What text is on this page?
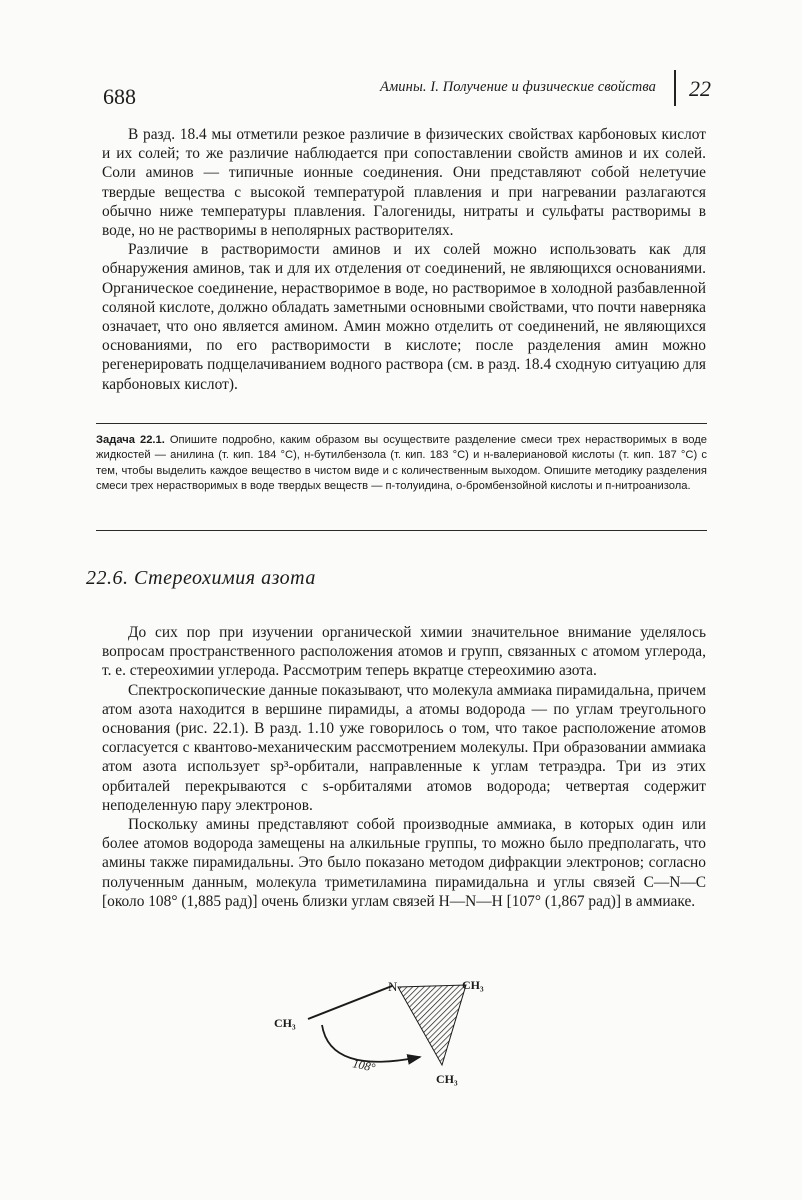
688	Амины. I. Получение и физические свойства 22

В разд. 18.4 мы отметили резкое различие в физических свойствах карбоновых кислот и их солей; то же различие наблюдается при сопоставлении свойств аминов и их солей. Соли аминов — типичные ионные соединения. Они представляют собой нелетучие твердые вещества с высокой температурой плавления и при нагревании разлагаются обычно ниже температуры плавления. Галогениды, нитраты и сульфаты растворимы в воде, но не растворимы в неполярных растворителях.

Различие в растворимости аминов и их солей можно использовать как для обнаружения аминов, так и для их отделения от соединений, не являющихся основаниями. Органическое соединение, нерастворимое в воде, но растворимое в холодной разбавленной соляной кислоте, должно обладать заметными основными свойствами, что почти наверняка означает, что оно является амином. Амин можно отделить от соединений, не являющихся основаниями, по его растворимости в кислоте; после разделения амин можно регенерировать подщелачиванием водного раствора (см. в разд. 18.4 сходную ситуацию для карбоновых кислот).

Задача 22.1. Опишите подробно, каким образом вы осуществите разделение смеси трех нерастворимых в воде жидкостей — анилина (т. кип. 184 °С), н-бутилбензола (т. кип. 183 °С) и н-валериановой кислоты (т. кип. 187 °С) с тем, чтобы выделить каждое вещество в чистом виде и с количественным выходом. Опишите методику разделения смеси трех нерастворимых в воде твердых веществ — п-толуидина, о-бромбензойной кислоты и п-нитроанизола.

22.6. Стереохимия азота

До сих пор при изучении органической химии значительное внимание уделялось вопросам пространственного расположения атомов и групп, связанных с атомом углерода, т. е. стереохимии углерода. Рассмотрим теперь вкратце стереохимию азота.

Спектроскопические данные показывают, что молекула аммиака пирамидальна, причем атом азота находится в вершине пирамиды, а атомы водорода — по углам треугольного основания (рис. 22.1). В разд. 1.10 уже говорилось о том, что такое расположение атомов согласуется с квантово-механическим рассмотрением молекулы. При образовании аммиака атом азота использует sp³-орбитали, направленные к углам тетраэдра. Три из этих орбиталей перекрываются с s-орбиталями атомов водорода; четвертая содержит неподеленную пару электронов.

Поскольку амины представляют собой производные аммиака, в которых один или более атомов водорода замещены на алкильные группы, то можно было предполагать, что амины также пирамидальны. Это было показано методом дифракции электронов; согласно полученным данным, молекула триметиламина пирамидальна и углы связей C—N—C [около 108° (1,885 рад)] очень близки углам связей H—N—H [107° (1,867 рад)] в аммиаке.

N	CH₃
CH₃
CH₃
108°
